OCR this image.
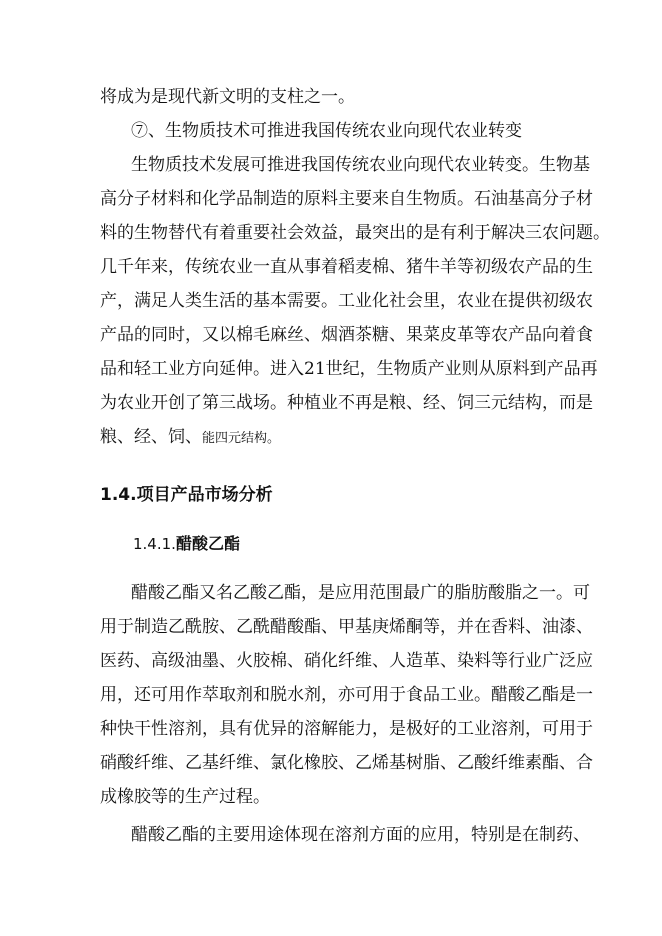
将成为是现代新文明的支柱之一。
⑦、生物质技术可推进我国传统农业向现代农业转变
生物质技术发展可推进我国传统农业向现代农业转变。生物基
高分子材料和化学品制造的原料主要来自生物质。石油基高分子材
料的生物替代有着重要社会效益，最突出的是有利于解决三农问题。
几千年来，传统农业一直从事着稻麦棉、猪牛羊等初级农产品的生
产，满足人类生活的基本需要。工业化社会里，农业在提供初级农
产品的同时，又以棉毛麻丝、烟酒茶糖、果菜皮革等农产品向着食
品和轻工业方向延伸。进入21世纪，生物质产业则从原料到产品再
为农业开创了第三战场。种植业不再是粮、经、饲三元结构，而是
粮、经、饲、能四元结构。
1.4.项目产品市场分析
1.4.1.醋酸乙酯
醋酸乙酯又名乙酸乙酯，是应用范围最广的脂肪酸脂之一。可
用于制造乙酰胺、乙酰醋酸酯、甲基庚烯酮等，并在香料、油漆、
医药、高级油墨、火胶棉、硝化纤维、人造革、染料等行业广泛应
用，还可用作萃取剂和脱水剂，亦可用于食品工业。醋酸乙酯是一
种快干性溶剂，具有优异的溶解能力，是极好的工业溶剂，可用于
硝酸纤维、乙基纤维、氯化橡胶、乙烯基树脂、乙酸纤维素酯、合
成橡胶等的生产过程。
醋酸乙酯的主要用途体现在溶剂方面的应用，特别是在制药、
